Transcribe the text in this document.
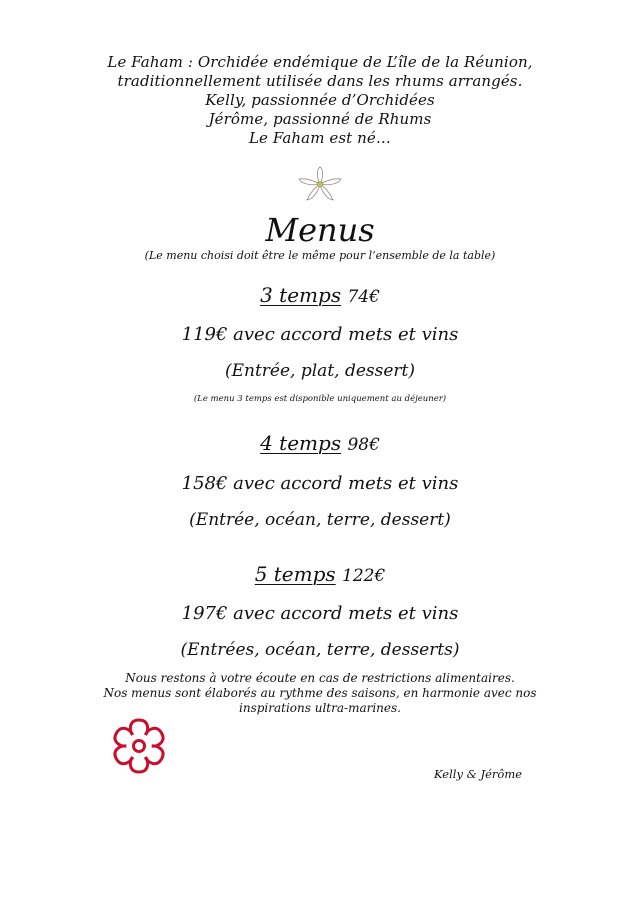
Le Faham : Orchidée endémique de L’île de la Réunion,
traditionnellement utilisée dans les rhums arrangés.
Kelly, passionnée d’Orchidées
Jérôme, passionné de Rhums
Le Faham est né…
Menus
(Le menu choisi doit être le même pour l’ensemble de la table)
3 temps 74€
119€ avec accord mets et vins
(Entrée, plat, dessert)
(Le menu 3 temps est disponible uniquement au déjeuner)
4 temps 98€
158€ avec accord mets et vins
(Entrée, océan, terre, dessert)
5 temps 122€
197€ avec accord mets et vins
(Entrées, océan, terre, desserts)
Nous restons à votre écoute en cas de restrictions alimentaires.
Nos menus sont élaborés au rythme des saisons, en harmonie avec nos
inspirations ultra-marines.
Kelly & Jérôme
